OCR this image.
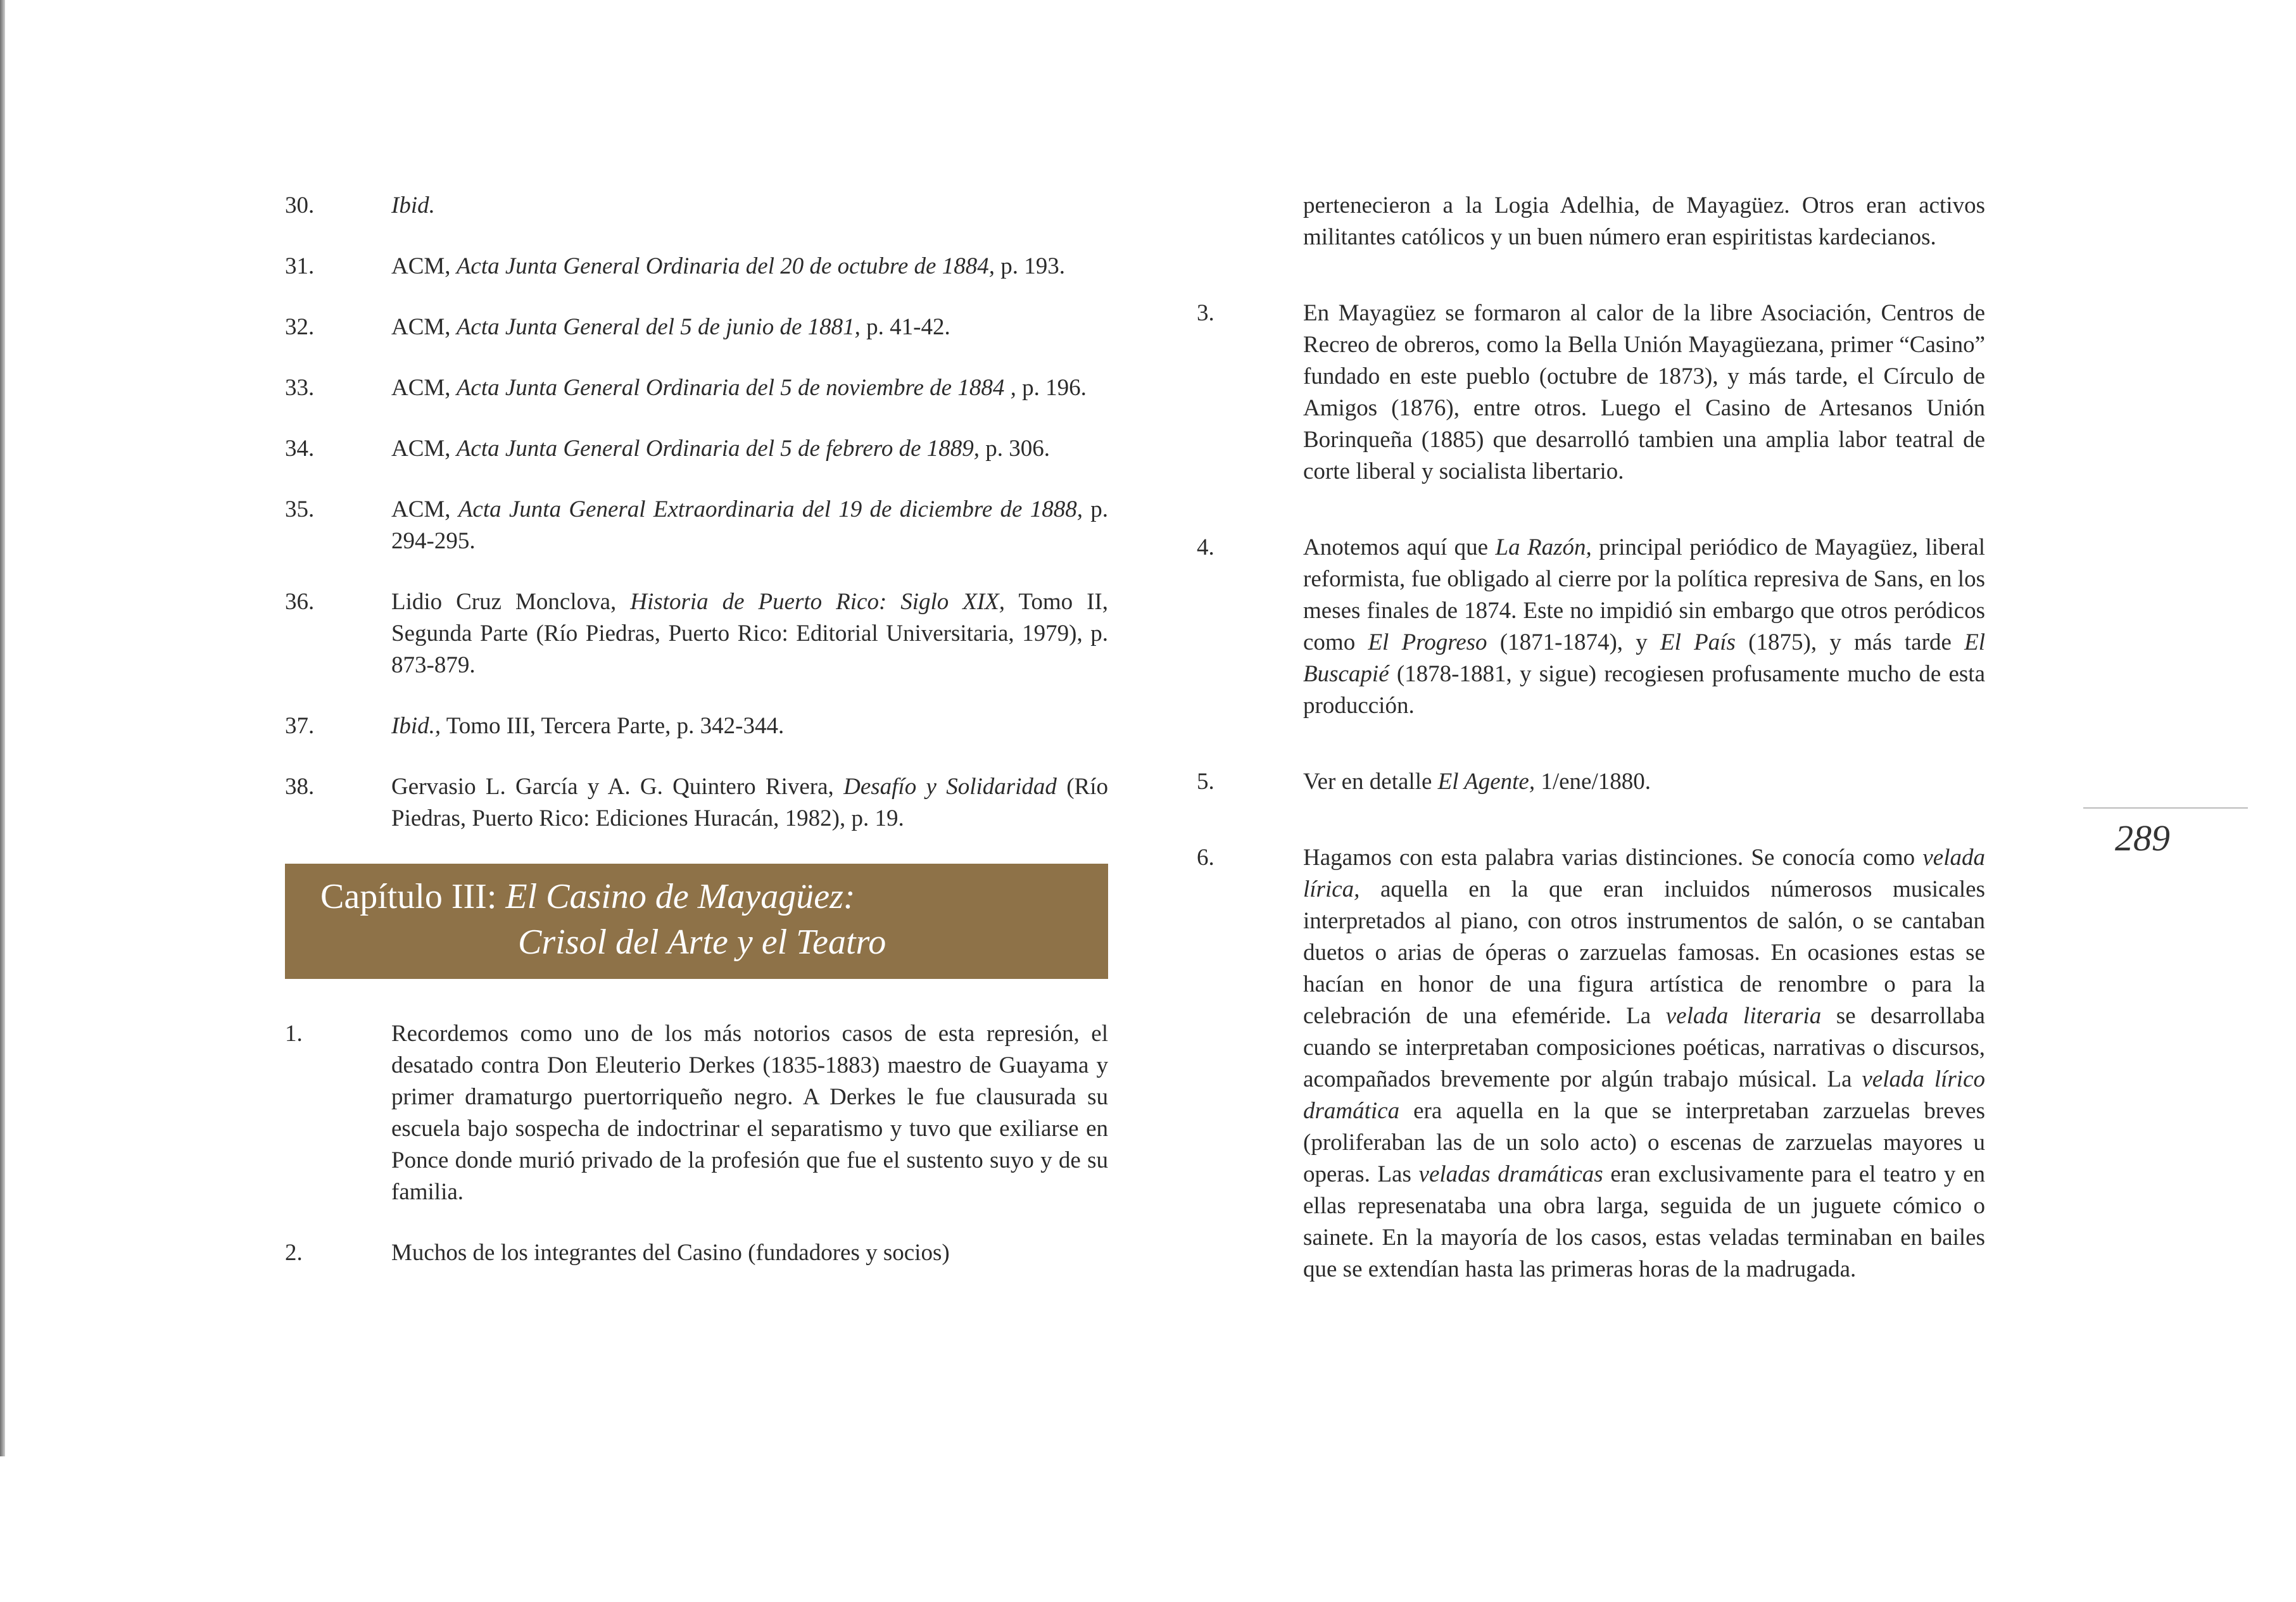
30.	Ibid.
31.	ACM, Acta Junta General Ordinaria del 20 de octubre de 1884, p. 193.
32.	ACM, Acta Junta General del 5 de junio de 1881, p. 41-42.
33.	ACM, Acta Junta General Ordinaria del 5 de noviembre de 1884 , p. 196.
34.	ACM, Acta Junta General Ordinaria del 5 de febrero de 1889, p. 306.
35.	ACM, Acta Junta General Extraordinaria del 19 de diciembre de 1888, p. 294-295.
36.	Lidio Cruz Monclova, Historia de Puerto Rico: Siglo XIX, Tomo II, Segunda Parte (Río Piedras, Puerto Rico: Editorial Universitaria, 1979), p. 873-879.
37.	Ibid., Tomo III, Tercera Parte, p. 342-344.
38.	Gervasio L. García y A. G. Quintero Rivera, Desafío y Solidaridad (Río Piedras, Puerto Rico: Ediciones Huracán, 1982), p. 19.
Capítulo III: El Casino de Mayagüez:
Crisol del Arte y el Teatro
1.	Recordemos como uno de los más notorios casos de esta represión, el desatado contra Don Eleuterio Derkes (1835-1883) maestro de Guayama y primer dramaturgo puertorriqueño negro. A Derkes le fue clausurada su escuela bajo sospecha de indoctrinar el separatismo y tuvo que exiliarse en Ponce donde murió privado de la profesión que fue el sustento suyo y de su familia.
2.	Muchos de los integrantes del Casino (fundadores y socios)
pertenecieron a la Logia Adelhia, de Mayagüez. Otros eran activos militantes católicos y un buen número eran espiritistas kardecianos.
3.	En Mayagüez se formaron al calor de la libre Asociación, Centros de Recreo de obreros, como la Bella Unión Mayagüezana, primer “Casino” fundado en este pueblo (octubre de 1873), y más tarde, el Círculo de Amigos (1876), entre otros. Luego el Casino de Artesanos Unión Borinqueña (1885) que desarrolló tambien una amplia labor teatral de corte liberal y socialista libertario.
4.	Anotemos aquí que La Razón, principal periódico de Mayagüez, liberal reformista, fue obligado al cierre por la política represiva de Sans, en los meses finales de 1874. Este no impidió sin embargo que otros peródicos como El Progreso (1871-1874), y El País (1875), y más tarde El Buscapié (1878-1881, y sigue) recogiesen profusamente mucho de esta producción.
5.	Ver en detalle El Agente, 1/ene/1880.
6.	Hagamos con esta palabra varias distinciones. Se conocía como velada lírica, aquella en la que eran incluidos númerosos musicales interpretados al piano, con otros instrumentos de salón, o se cantaban duetos o arias de óperas o zarzuelas famosas. En ocasiones estas se hacían en honor de una figura artística de renombre o para la celebración de una efeméride. La velada literaria se desarrollaba cuando se interpretaban composiciones poéticas, narrativas o discursos, acompañados brevemente por algún trabajo músical. La velada lírico dramática era aquella en la que se interpretaban zarzuelas breves (proliferaban las de un solo acto) o escenas de zarzuelas mayores u operas. Las veladas dramáticas eran exclusivamente para el teatro y en ellas represenataba una obra larga, seguida de un juguete cómico o sainete. En la mayoría de los casos, estas veladas terminaban en bailes que se extendían hasta las primeras horas de la madrugada.
289
